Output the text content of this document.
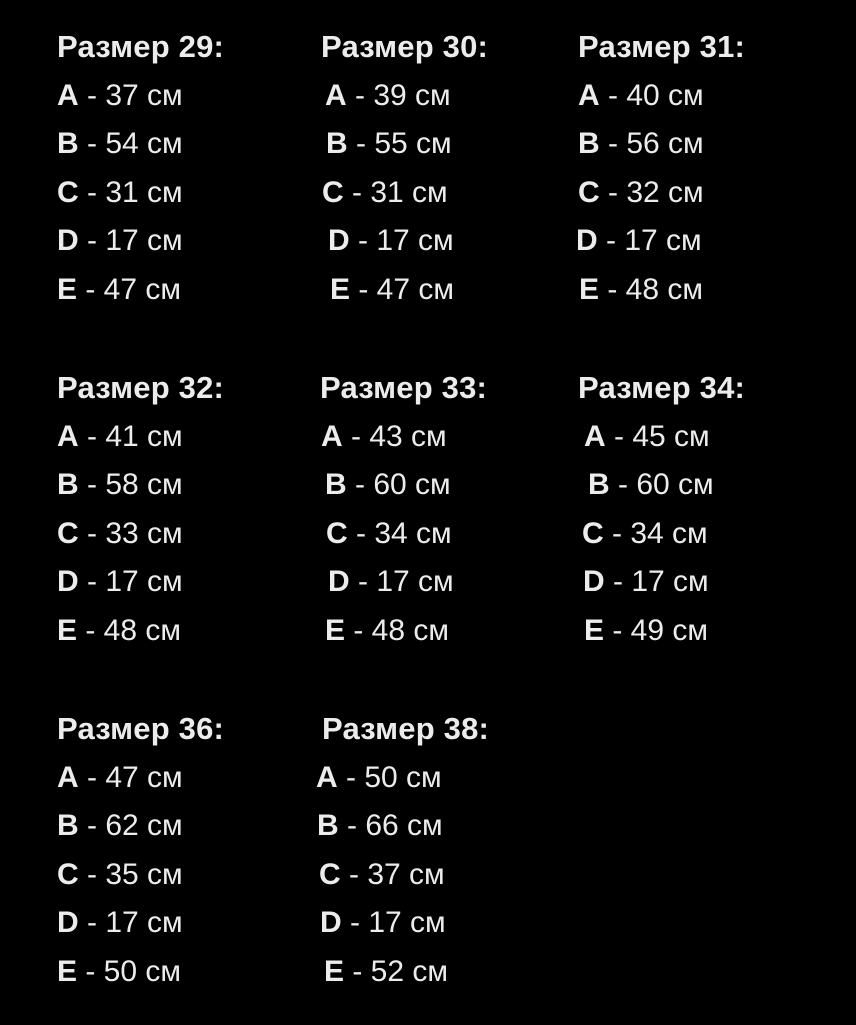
Размер 29:
A - 37 см
B - 54 см
C - 31 см
D - 17 см
E - 47 см
Размер 30:
A - 39 см
B - 55 см
C - 31 см
D - 17 см
E - 47 см
Размер 31:
A - 40 см
B - 56 см
C - 32 см
D - 17 см
E - 48 см
Размер 32:
A - 41 см
B - 58 см
C - 33 см
D - 17 см
E - 48 см
Размер 33:
A - 43 см
B - 60 см
C - 34 см
D - 17 см
E - 48 см
Размер 34:
A - 45 см
B - 60 см
C - 34 см
D - 17 см
E - 49 см
Размер 36:
A - 47 см
B - 62 см
C - 35 см
D - 17 см
E - 50 см
Размер 38:
A - 50 см
B - 66 см
C - 37 см
D - 17 см
E - 52 см
